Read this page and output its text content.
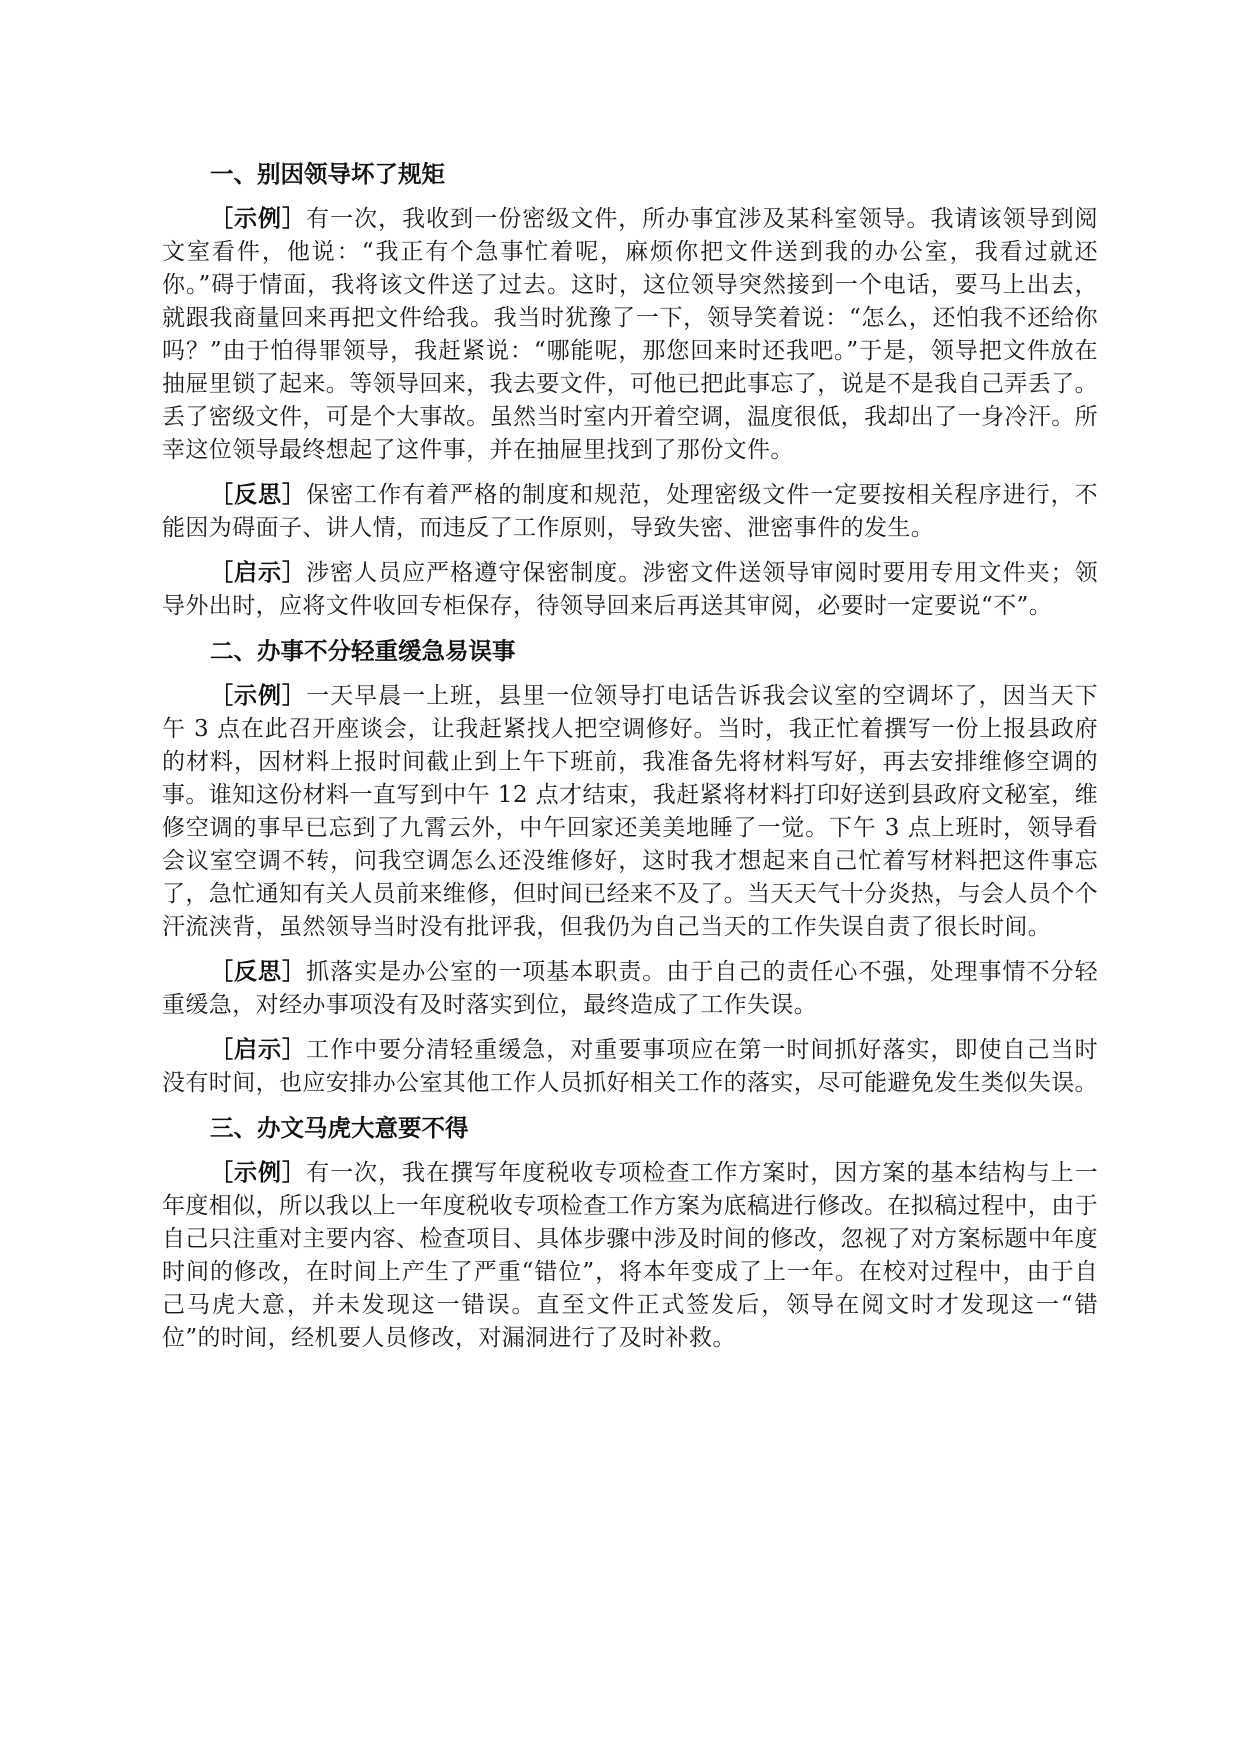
一、别因领导坏了规矩

［示例］有一次，我收到一份密级文件，所办事宜涉及某科室领导。我请该领导到阅文室看件，他说：“我正有个急事忙着呢，麻烦你把文件送到我的办公室，我看过就还你。”碍于情面，我将该文件送了过去。这时，这位领导突然接到一个电话，要马上出去，就跟我商量回来再把文件给我。我当时犹豫了一下，领导笑着说：“怎么，还怕我不还给你吗？”由于怕得罪领导，我赶紧说：“哪能呢，那您回来时还我吧。”于是，领导把文件放在抽屉里锁了起来。等领导回来，我去要文件，可他已把此事忘了，说是不是我自己弄丢了。丢了密级文件，可是个大事故。虽然当时室内开着空调，温度很低，我却出了一身冷汗。所幸这位领导最终想起了这件事，并在抽屉里找到了那份文件。

［反思］保密工作有着严格的制度和规范，处理密级文件一定要按相关程序进行，不能因为碍面子、讲人情，而违反了工作原则，导致失密、泄密事件的发生。

［启示］涉密人员应严格遵守保密制度。涉密文件送领导审阅时要用专用文件夹；领导外出时，应将文件收回专柜保存，待领导回来后再送其审阅，必要时一定要说“不”。

二、办事不分轻重缓急易误事

［示例］一天早晨一上班，县里一位领导打电话告诉我会议室的空调坏了，因当天下午 3 点在此召开座谈会，让我赶紧找人把空调修好。当时，我正忙着撰写一份上报县政府的材料，因材料上报时间截止到上午下班前，我准备先将材料写好，再去安排维修空调的事。谁知这份材料一直写到中午 12 点才结束，我赶紧将材料打印好送到县政府文秘室，维修空调的事早已忘到了九霄云外，中午回家还美美地睡了一觉。下午 3 点上班时，领导看会议室空调不转，问我空调怎么还没维修好，这时我才想起来自己忙着写材料把这件事忘了，急忙通知有关人员前来维修，但时间已经来不及了。当天天气十分炎热，与会人员个个汗流浃背，虽然领导当时没有批评我，但我仍为自己当天的工作失误自责了很长时间。

［反思］抓落实是办公室的一项基本职责。由于自己的责任心不强，处理事情不分轻重缓急，对经办事项没有及时落实到位，最终造成了工作失误。

［启示］工作中要分清轻重缓急，对重要事项应在第一时间抓好落实，即使自己当时没有时间，也应安排办公室其他工作人员抓好相关工作的落实，尽可能避免发生类似失误。

三、办文马虎大意要不得

［示例］有一次，我在撰写年度税收专项检查工作方案时，因方案的基本结构与上一年度相似，所以我以上一年度税收专项检查工作方案为底稿进行修改。在拟稿过程中，由于自己只注重对主要内容、检查项目、具体步骤中涉及时间的修改，忽视了对方案标题中年度时间的修改，在时间上产生了严重“错位”，将本年变成了上一年。在校对过程中，由于自己马虎大意，并未发现这一错误。直至文件正式签发后，领导在阅文时才发现这一“错位”的时间，经机要人员修改，对漏洞进行了及时补救。
